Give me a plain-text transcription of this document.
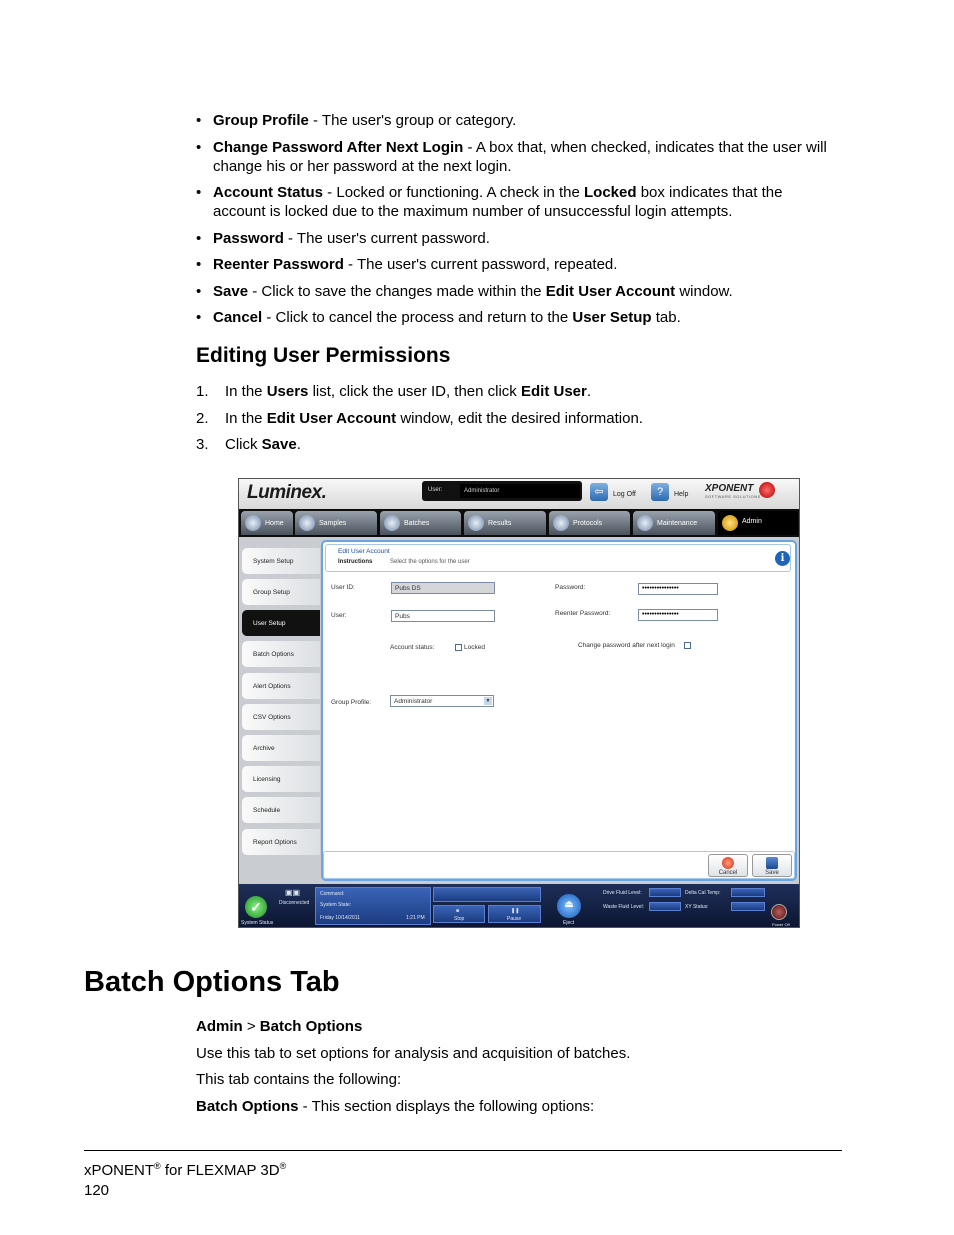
• Group Profile - The user's group or category.
• Change Password After Next Login - A box that, when checked, indicates that the user will change his or her password at the next login.
• Account Status - Locked or functioning. A check in the Locked box indicates that the account is locked due to the maximum number of unsuccessful login attempts.
• Password - The user's current password.
• Reenter Password - The user's current password, repeated.
• Save - Click to save the changes made within the Edit User Account window.
• Cancel - Click to cancel the process and return to the User Setup tab.
Editing User Permissions
1. In the Users list, click the user ID, then click Edit User.
2. In the Edit User Account window, edit the desired information.
3. Click Save.
Luminex.	User:	Administrator	⇦	Log Off	?	Help
XPONENT
SOFTWARE SOLUTIONS
Home	Samples	Batches	Results	Protocols	Maintenance	Admin
System Setup
Group Setup
User Setup
Batch Options
Alert Options
CSV Options
Archive
Licensing
Schedule
Report Options
Edit User Account
Instructions	Select the options for the user	i
User ID:	Pubs DS
User:	Pubs
Password:	•••••••••••••••
Reenter Password:	•••••••••••••••
Account status:	Locked	Change password after next login
Group Profile:	Administrator	▼
Cancel	Save
✓
System Status
Disconnected
▣▣	Command:
System State:
Friday 10/14/2011	1:21 PM
■
Stop
❚❚
Pause
⏏
Eject
Drive Fluid Level:
Waste Fluid Level:
Delta Cal Temp:
XY Status:
Power Off
Batch Options Tab

Admin > Batch Options

Use this tab to set options for analysis and acquisition of batches.

This tab contains the following:

Batch Options - This section displays the following options:

xPONENT® for FLEXMAP 3D®
120
